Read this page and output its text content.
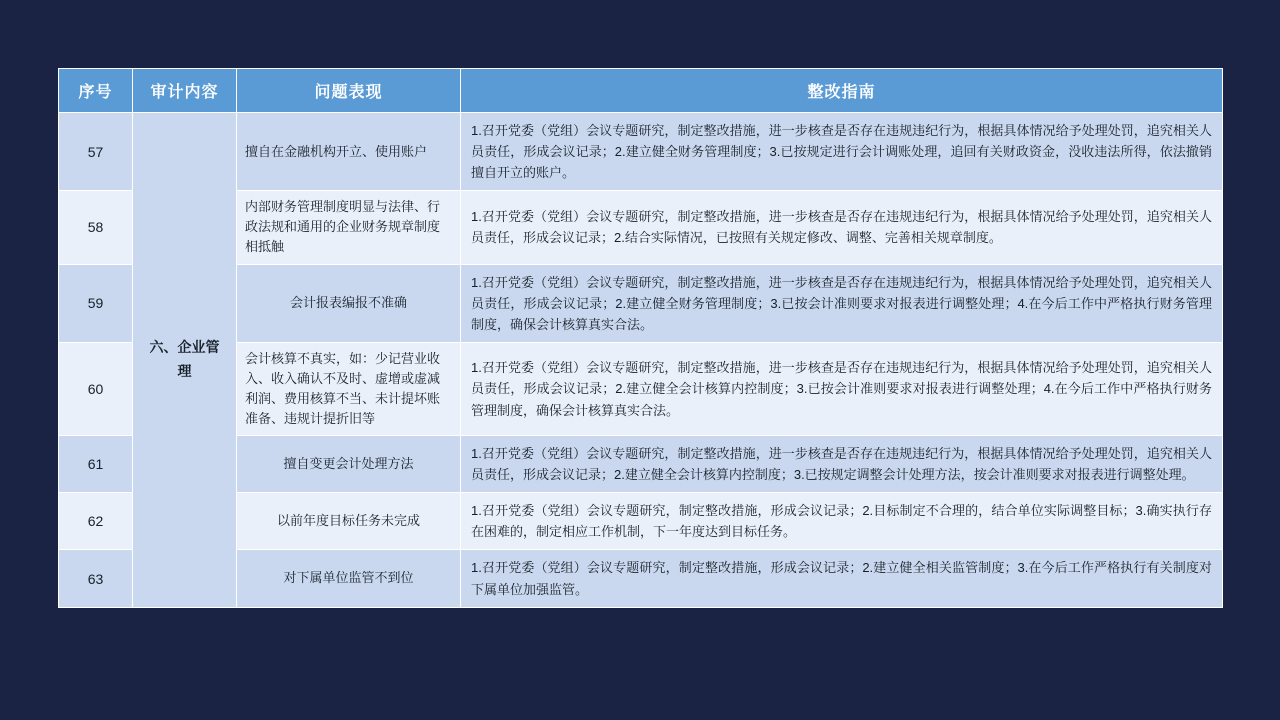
序号	审计内容	问题表现	整改指南
57	六、企业管理	擅自在金融机构开立、使用账户	1.召开党委（党组）会议专题研究，制定整改措施，进一步核查是否存在违规违纪行为，根据具体情况给予处理处罚，追究相关人员责任，形成会议记录；2.建立健全财务管理制度；3.已按规定进行会计调账处理，追回有关财政资金，没收违法所得，依法撤销擅自开立的账户。
58		内部财务管理制度明显与法律、行政法规和通用的企业财务规章制度相抵触	1.召开党委（党组）会议专题研究，制定整改措施，进一步核查是否存在违规违纪行为，根据具体情况给予处理处罚，追究相关人员责任，形成会议记录；2.结合实际情况，已按照有关规定修改、调整、完善相关规章制度。
59		会计报表编报不准确	1.召开党委（党组）会议专题研究，制定整改措施，进一步核查是否存在违规违纪行为，根据具体情况给予处理处罚，追究相关人员责任，形成会议记录；2.建立健全财务管理制度；3.已按会计准则要求对报表进行调整处理；4.在今后工作中严格执行财务管理制度，确保会计核算真实合法。
60		会计核算不真实，如：少记营业收入、收入确认不及时、虚增或虚减利润、费用核算不当、未计提坏账准备、违规计提折旧等	1.召开党委（党组）会议专题研究，制定整改措施，进一步核查是否存在违规违纪行为，根据具体情况给予处理处罚，追究相关人员责任，形成会议记录；2.建立健全会计核算内控制度；3.已按会计准则要求对报表进行调整处理；4.在今后工作中严格执行财务管理制度，确保会计核算真实合法。
61		擅自变更会计处理方法	1.召开党委（党组）会议专题研究，制定整改措施，进一步核查是否存在违规违纪行为，根据具体情况给予处理处罚，追究相关人员责任，形成会议记录；2.建立健全会计核算内控制度；3.已按规定调整会计处理方法，按会计准则要求对报表进行调整处理。
62		以前年度目标任务未完成	1.召开党委（党组）会议专题研究，制定整改措施，形成会议记录；2.目标制定不合理的，结合单位实际调整目标；3.确实执行存在困难的，制定相应工作机制，下一年度达到目标任务。
63		对下属单位监管不到位	1.召开党委（党组）会议专题研究，制定整改措施，形成会议记录；2.建立健全相关监管制度；3.在今后工作严格执行有关制度对下属单位加强监管。
